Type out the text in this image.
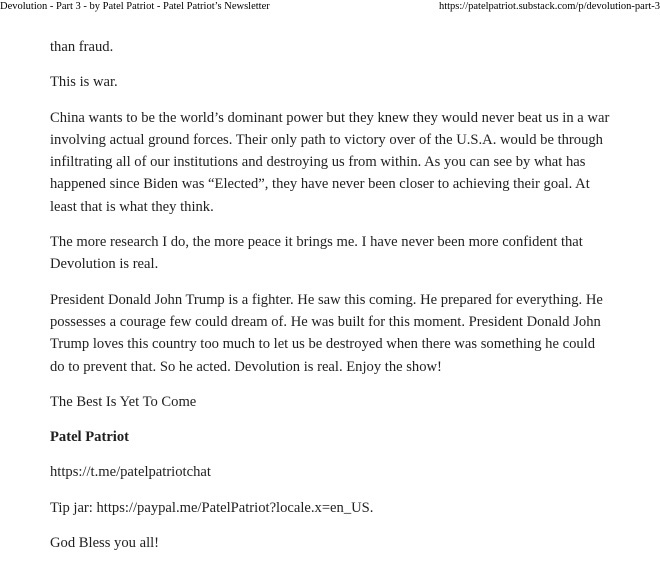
Devolution - Part 3 - by Patel Patriot - Patel Patriot’s Newsletter	https://patelpatriot.substack.com/p/devolution-part-3

than fraud.

This is war.

China wants to be the world’s dominant power but they knew they would never beat us in a war involving actual ground forces. Their only path to victory over of the U.S.A. would be through infiltrating all of our institutions and destroying us from within. As you can see by what has happened since Biden was “Elected”, they have never been closer to achieving their goal. At least that is what they think.

The more research I do, the more peace it brings me. I have never been more confident that Devolution is real.

President Donald John Trump is a fighter. He saw this coming. He prepared for everything. He possesses a courage few could dream of. He was built for this moment. President Donald John Trump loves this country too much to let us be destroyed when there was something he could do to prevent that. So he acted. Devolution is real. Enjoy the show!

The Best Is Yet To Come

Patel Patriot

https://t.me/patelpatriotchat

Tip jar: https://paypal.me/PatelPatriot?locale.x=en_US.

God Bless you all!
